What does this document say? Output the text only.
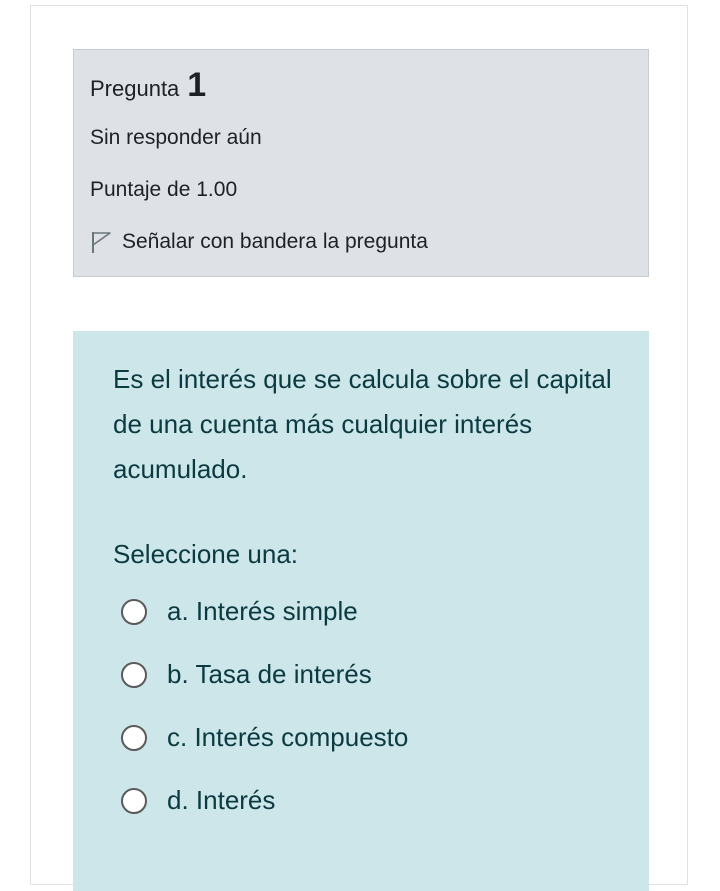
Pregunta 1
Sin responder aún
Puntaje de 1.00
Señalar con bandera la pregunta
Es el interés que se calcula sobre el capital de una cuenta más cualquier interés acumulado.
Seleccione una:
a. Interés simple
b. Tasa de interés
c. Interés compuesto
d. Interés
